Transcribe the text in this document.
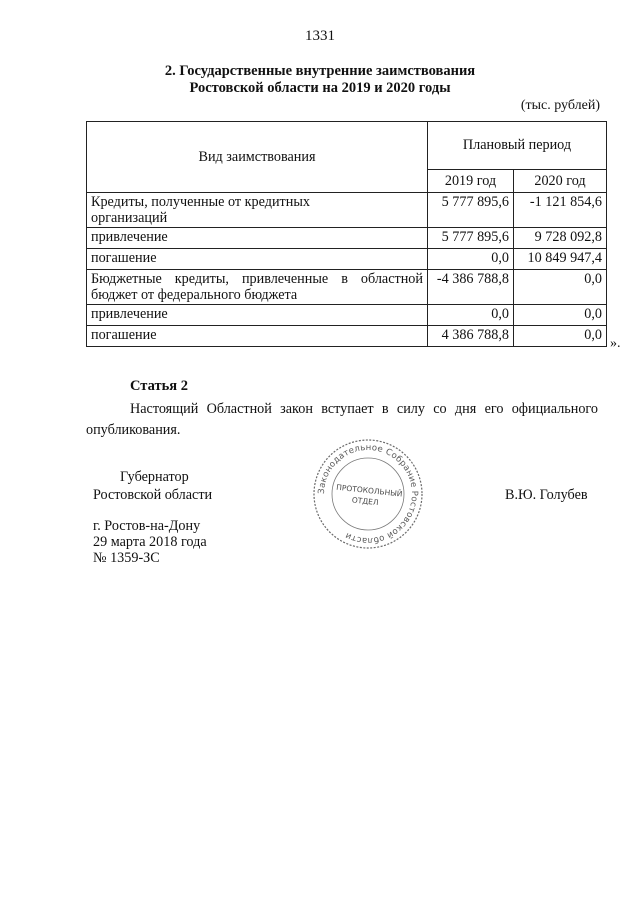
1331
2. Государственные внутренние заимствования
Ростовской области на 2019 и 2020 годы
(тыс. рублей)
Вид заимствования	Плановый период	
	2019 год	2020 год
Кредиты, полученные от кредитных организаций	5 777 895,6	-1 121 854,6
привлечение	5 777 895,6	9 728 092,8
погашение	0,0	10 849 947,4

Бюджетные кредиты, привлеченные в областной
бюджет от федерального бюджета	-4 386 788,8	0,0
привлечение	0,0	0,0
погашение	4 386 788,8	0,0
».
Статья 2
Настоящий Областной закон вступает в силу со дня его официального опубликования.
Губернатор
Ростовской области	В.Ю. Голубев
г. Ростов-на-Дону
29 марта 2018 года
№ 1359-ЗС
Законодательное Собрание Ростовской области
ПРОТОКОЛЬНЫЙ
ОТДЕЛ
